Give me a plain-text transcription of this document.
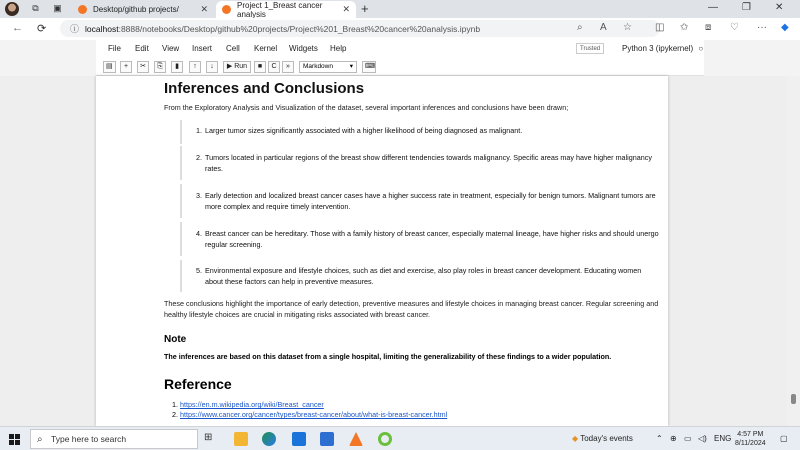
⧉ ▣	Desktop/github projects/ ✕	Project 1_Breast cancer analysis	✕ +	— ❐ ✕
← ⟳	ⓘ localhost :8888/notebooks/Desktop/github%20projects/Project%201_Breast%20cancer%20analysis.ipynb	⌕ A ☆ ◫ ✩ ⧈ ♡ ··· ◆
File Edit View Insert Cell Kernel Widgets Help	Trusted	Python 3 (ipykernel) ○
▤	+	✂	⎘	▮	↑	↓	▶ Run	■	C	»	Markdown	▾	⌨
Inferences and Conclusions
From the Exploratory Analysis and Visualization of the dataset, several important inferences and conclusions have been drawn;
1. Larger tumor sizes significantly associated with a higher likelihood of being diagnosed as malignant.
2. Tumors located in particular regions of the breast show different tendencies towards malignancy. Specific areas may have higher malignancy rates.
3. Early detection and localized breast cancer cases have a higher success rate in treatment, especially for benign tumors. Malignant tumors are more complex and require timely intervention.
4. Breast cancer can be hereditary. Those with a family history of breast cancer, especially maternal lineage, have higher risks and should unergo regular screening.
5. Environmental exposure and lifestyle choices, such as diet and exercise, also play roles in breast cancer development. Educating women about these factors can help in preventive measures.
These conclusions highlight the importance of early detection, preventive measures and lifestyle choices in managing breast cancer. Regular screening and healthy lifestyle choices are crucial in mitigating risks associated with breast cancer.
Note
The inferences are based on this dataset from a single hospital, limiting the generalizability of these findings to a wider population.
Reference
1. https://en.m.wikipedia.org/wiki/Breast_cancer
2. https://www.cancer.org/cancer/types/breast-cancer/about/what-is-breast-cancer.html
⌕ Type here to search	⊞	◆ Today's events	⌃ ⊕ ▭ ◁) ENG 4:57 PM
8/11/2024
▢
